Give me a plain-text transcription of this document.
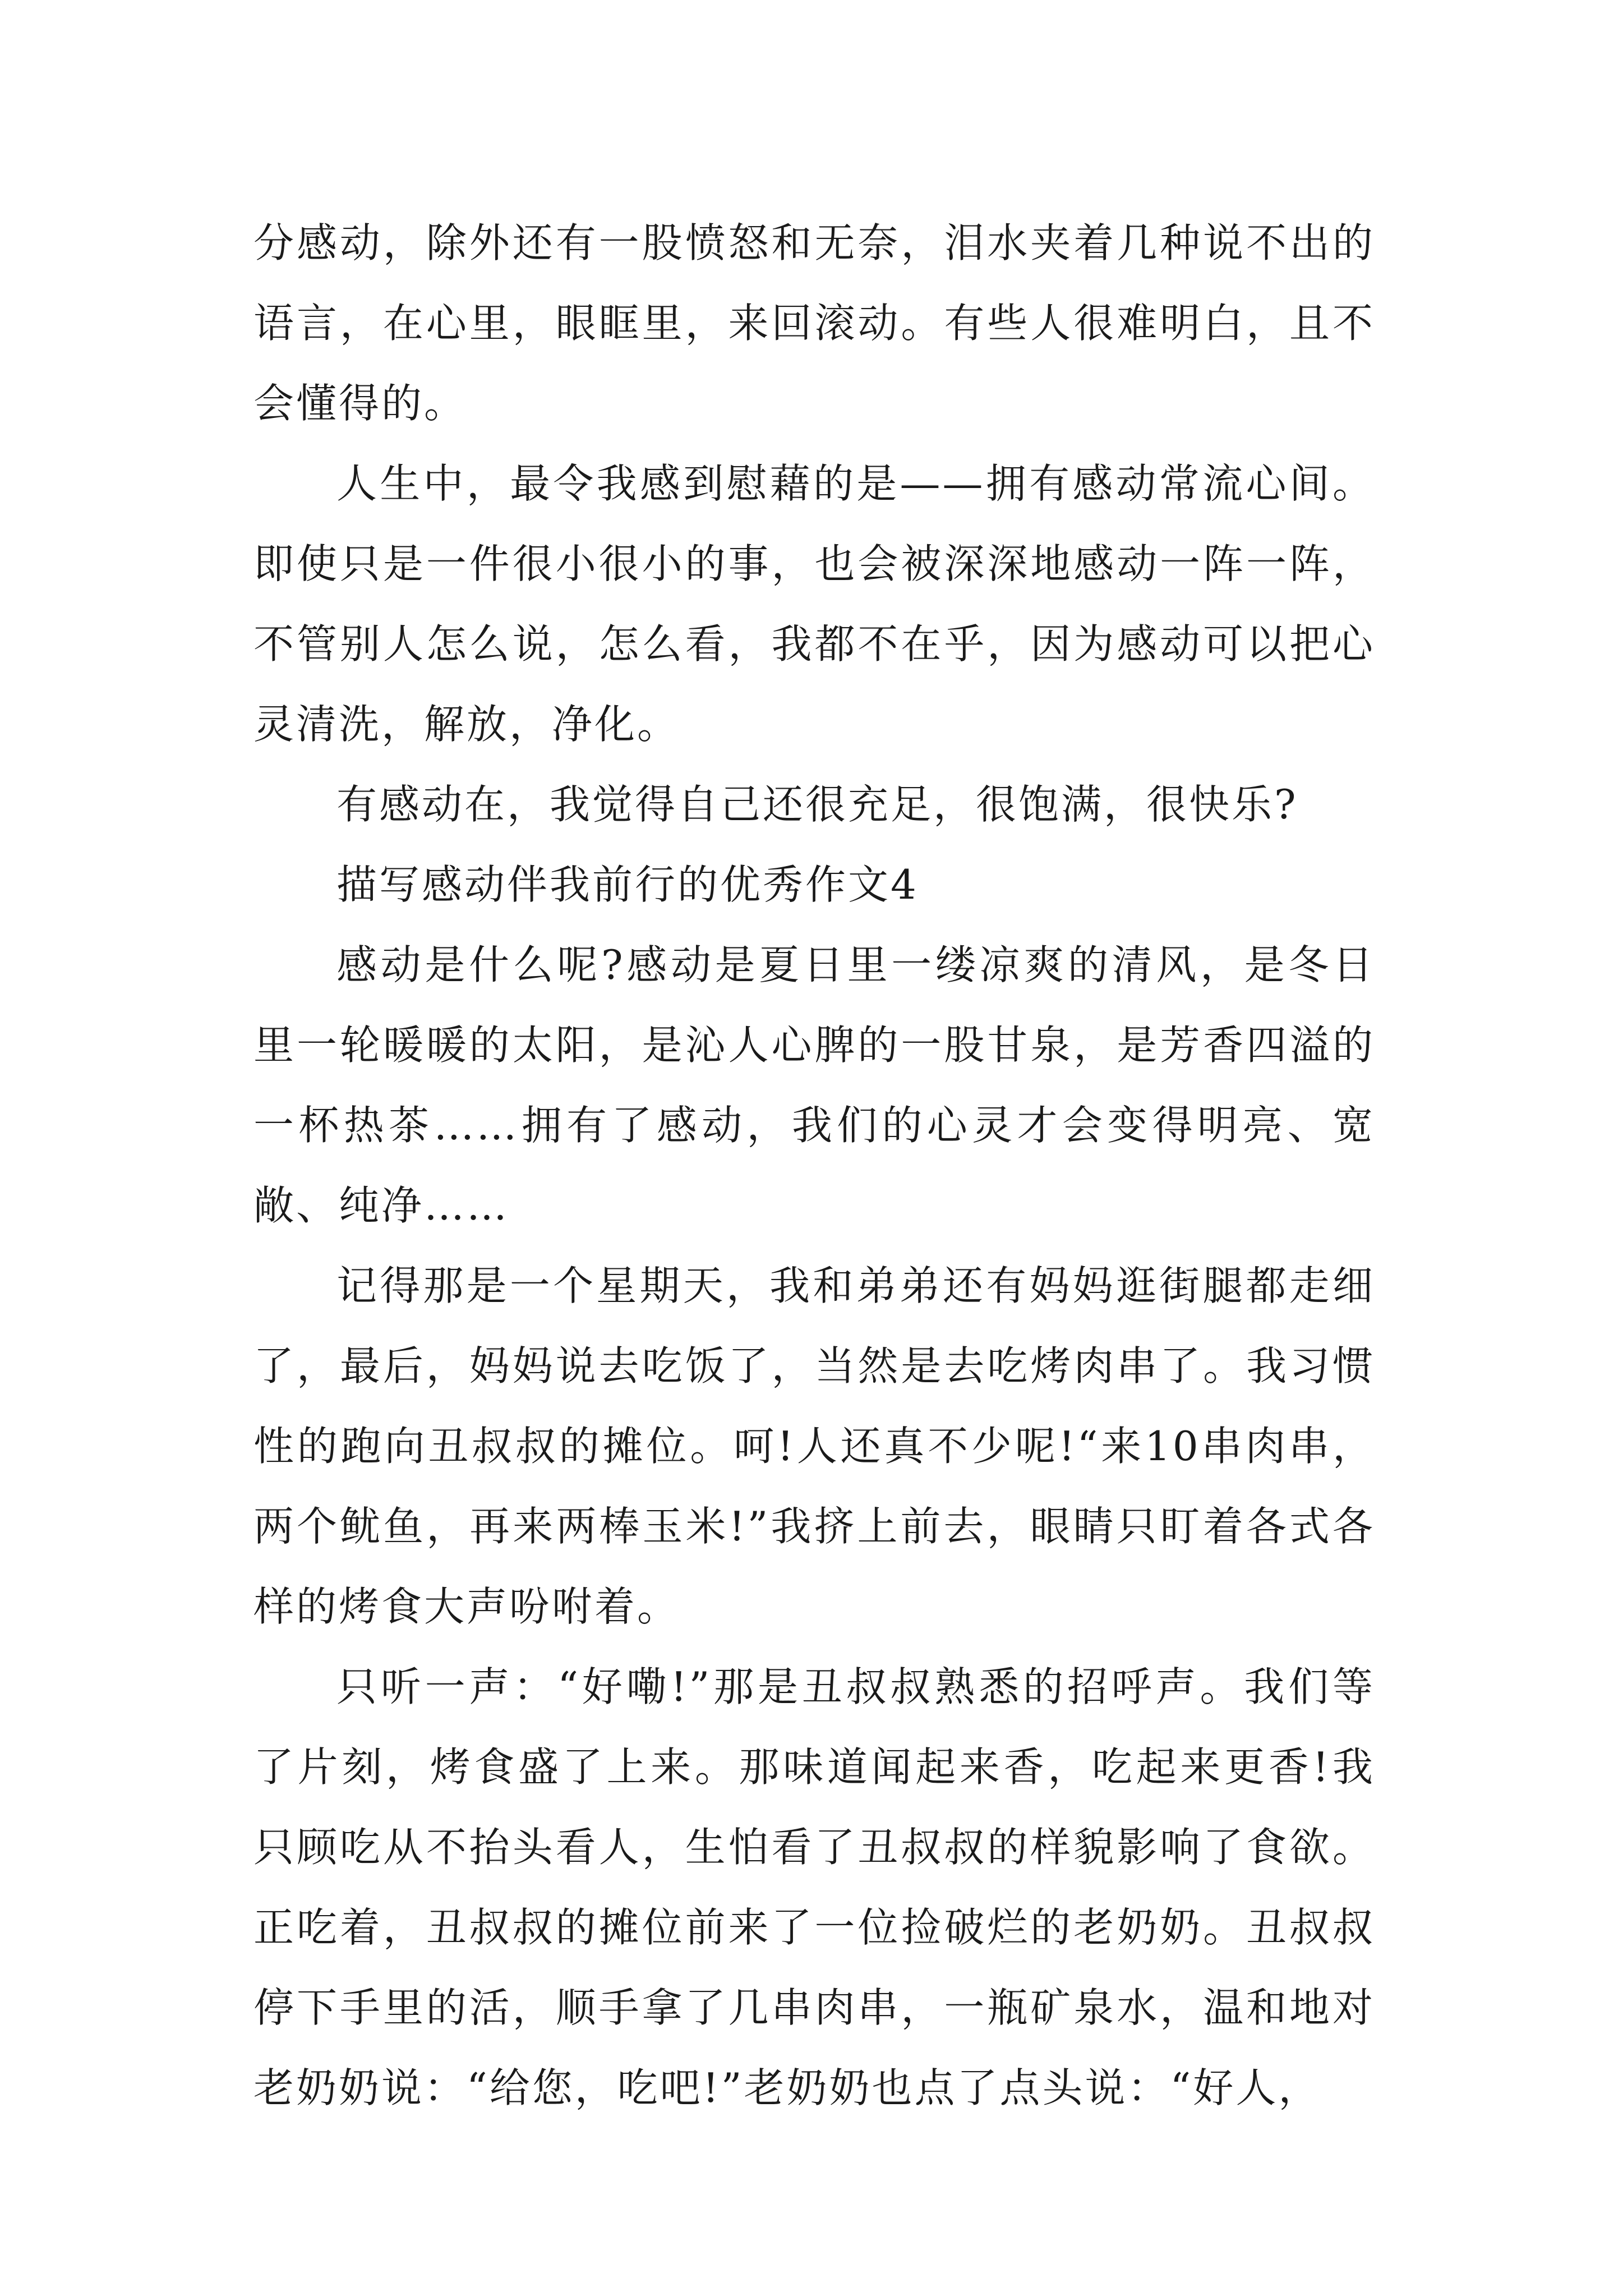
分感动，除外还有一股愤怒和无奈，泪水夹着几种说不出的语言，在心里，眼眶里，来回滚动。有些人很难明白，且不会懂得的。

人生中，最令我感到慰藉的是——拥有感动常流心间。即使只是一件很小很小的事，也会被深深地感动一阵一阵，不管别人怎么说，怎么看，我都不在乎，因为感动可以把心灵清洗，解放，净化。

有感动在，我觉得自己还很充足，很饱满，很快乐?

描写感动伴我前行的优秀作文4

感动是什么呢?感动是夏日里一缕凉爽的清风，是冬日里一轮暖暖的太阳，是沁人心脾的一股甘泉，是芳香四溢的一杯热茶……拥有了感动，我们的心灵才会变得明亮、宽敞、纯净……

记得那是一个星期天，我和弟弟还有妈妈逛街腿都走细了，最后，妈妈说去吃饭了，当然是去吃烤肉串了。我习惯性的跑向丑叔叔的摊位。呵!人还真不少呢!“来10串肉串，两个鱿鱼，再来两棒玉米!”我挤上前去，眼睛只盯着各式各样的烤食大声吩咐着。

只听一声：“好嘞!”那是丑叔叔熟悉的招呼声。我们等了片刻，烤食盛了上来。那味道闻起来香，吃起来更香!我只顾吃从不抬头看人，生怕看了丑叔叔的样貌影响了食欲。正吃着，丑叔叔的摊位前来了一位捡破烂的老奶奶。丑叔叔停下手里的活，顺手拿了几串肉串，一瓶矿泉水，温和地对老奶奶说：“给您，吃吧!”老奶奶也点了点头说：“好人，
